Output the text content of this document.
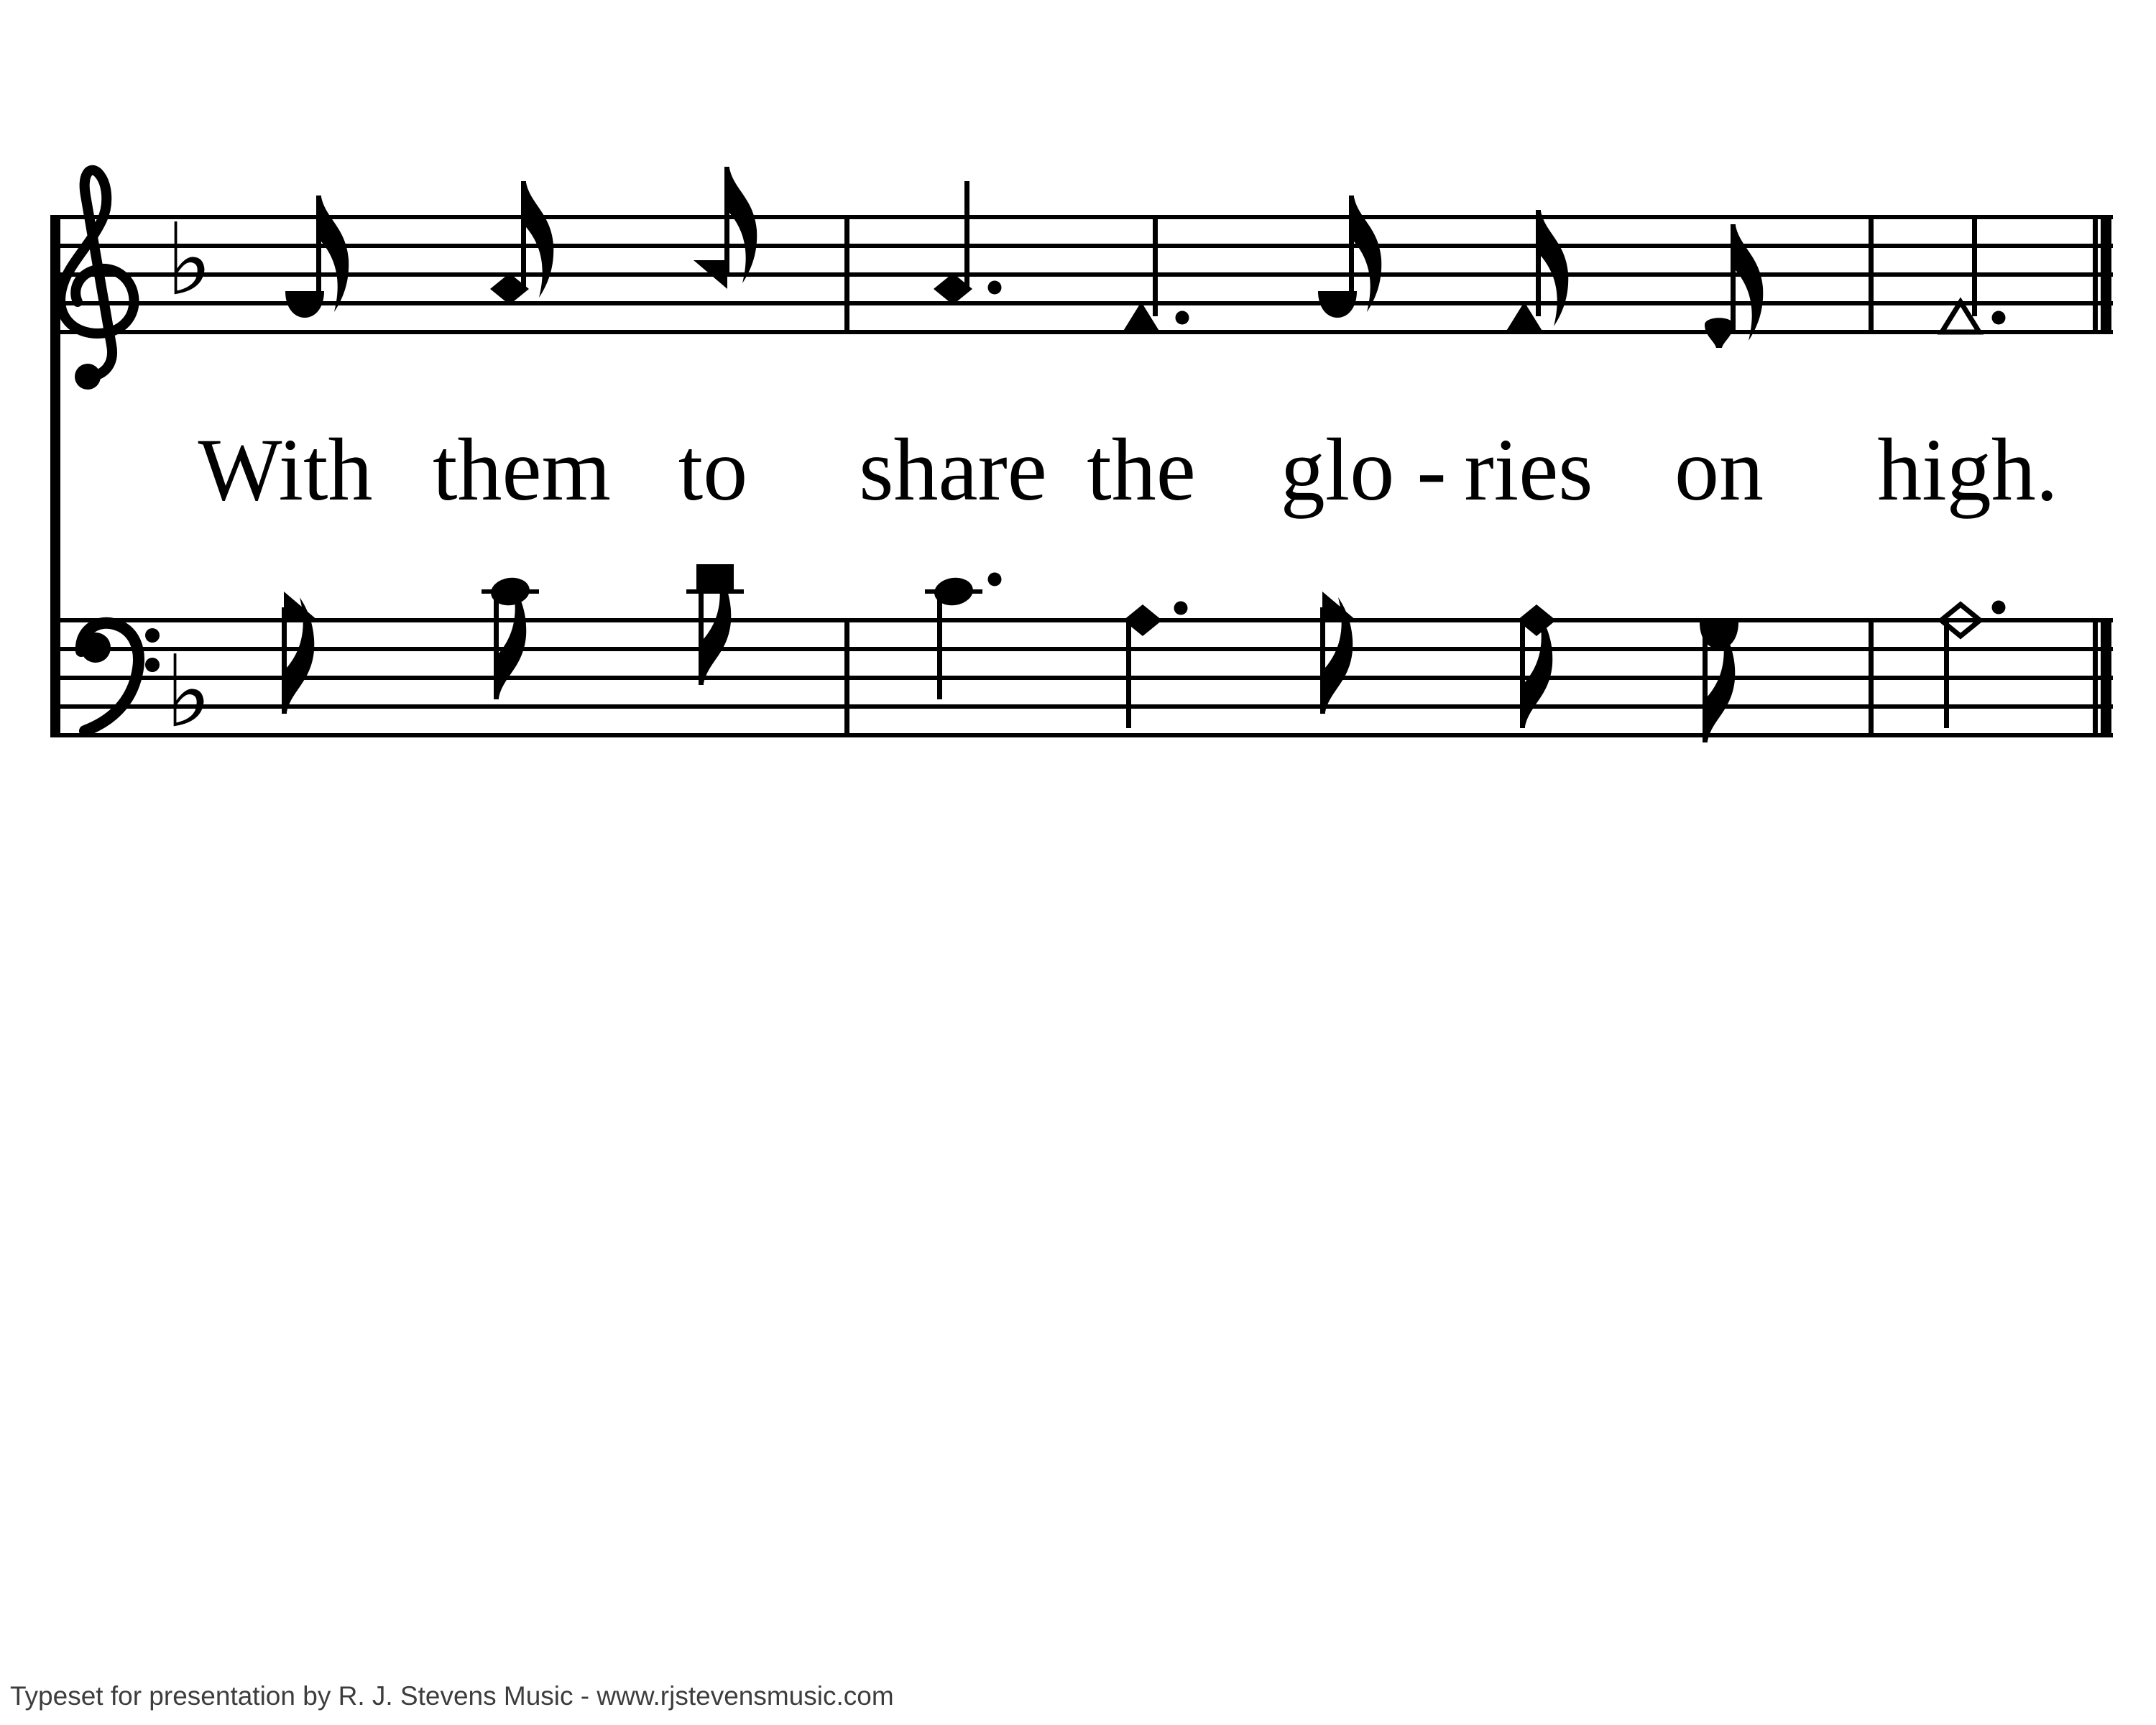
♭
♭
With them to share the glo - ries on high.
Typeset for presentation by R. J. Stevens Music - www.rjstevensmusic.com
